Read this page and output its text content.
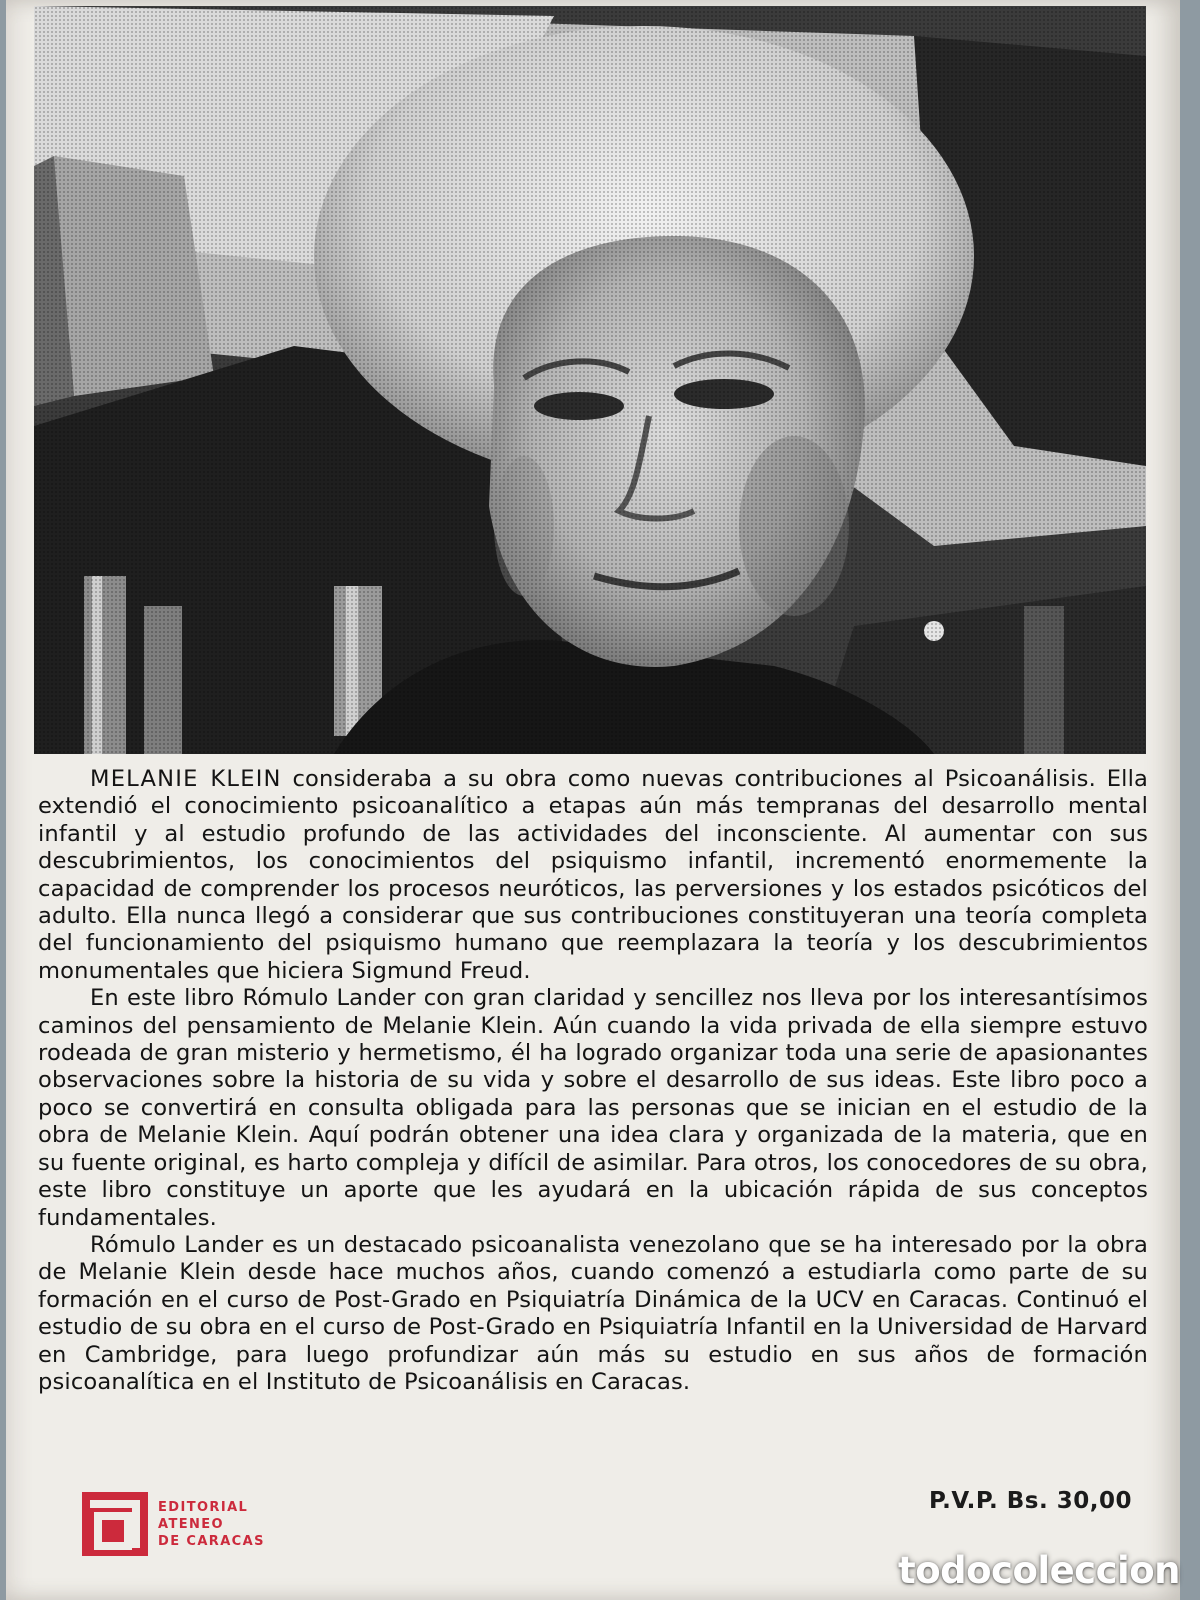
MELANIE KLEIN consideraba a su obra como nuevas contribuciones al Psicoanálisis. Ella extendió el conocimiento psicoanalítico a etapas aún más tempranas del desarrollo mental infantil y al estudio profundo de las actividades del inconsciente. Al aumentar con sus descubrimientos, los conocimientos del psiquismo infantil, incrementó enormemente la capacidad de comprender los procesos neuróticos, las perversiones y los estados psicóticos del adulto. Ella nunca llegó a considerar que sus contribuciones constituyeran una teoría completa del funcionamiento del psiquismo humano que reemplazara la teoría y los descubrimientos monumentales que hiciera Sigmund Freud.

En este libro Rómulo Lander con gran claridad y sencillez nos lleva por los interesantísimos caminos del pensamiento de Melanie Klein. Aún cuando la vida privada de ella siempre estuvo rodeada de gran misterio y hermetismo, él ha logrado organizar toda una serie de apasionantes observaciones sobre la historia de su vida y sobre el desarrollo de sus ideas. Este libro poco a poco se convertirá en consulta obligada para las personas que se inician en el estudio de la obra de Melanie Klein. Aquí podrán obtener una idea clara y organizada de la materia, que en su fuente original, es harto compleja y difícil de asimilar. Para otros, los conocedores de su obra, este libro constituye un aporte que les ayudará en la ubicación rápida de sus conceptos fundamentales.

Rómulo Lander es un destacado psicoanalista venezolano que se ha interesado por la obra de Melanie Klein desde hace muchos años, cuando comenzó a estudiarla como parte de su formación en el curso de Post-Grado en Psiquiatría Dinámica de la UCV en Caracas. Continuó el estudio de su obra en el curso de Post-Grado en Psiquiatría Infantil en la Universidad de Harvard en Cambridge, para luego profundizar aún más su estudio en sus años de formación psicoanalítica en el Instituto de Psicoanálisis en Caracas.

EDITORIAL
ATENEO
DE CARACAS
P.V.P. Bs. 30,00
todocoleccion
